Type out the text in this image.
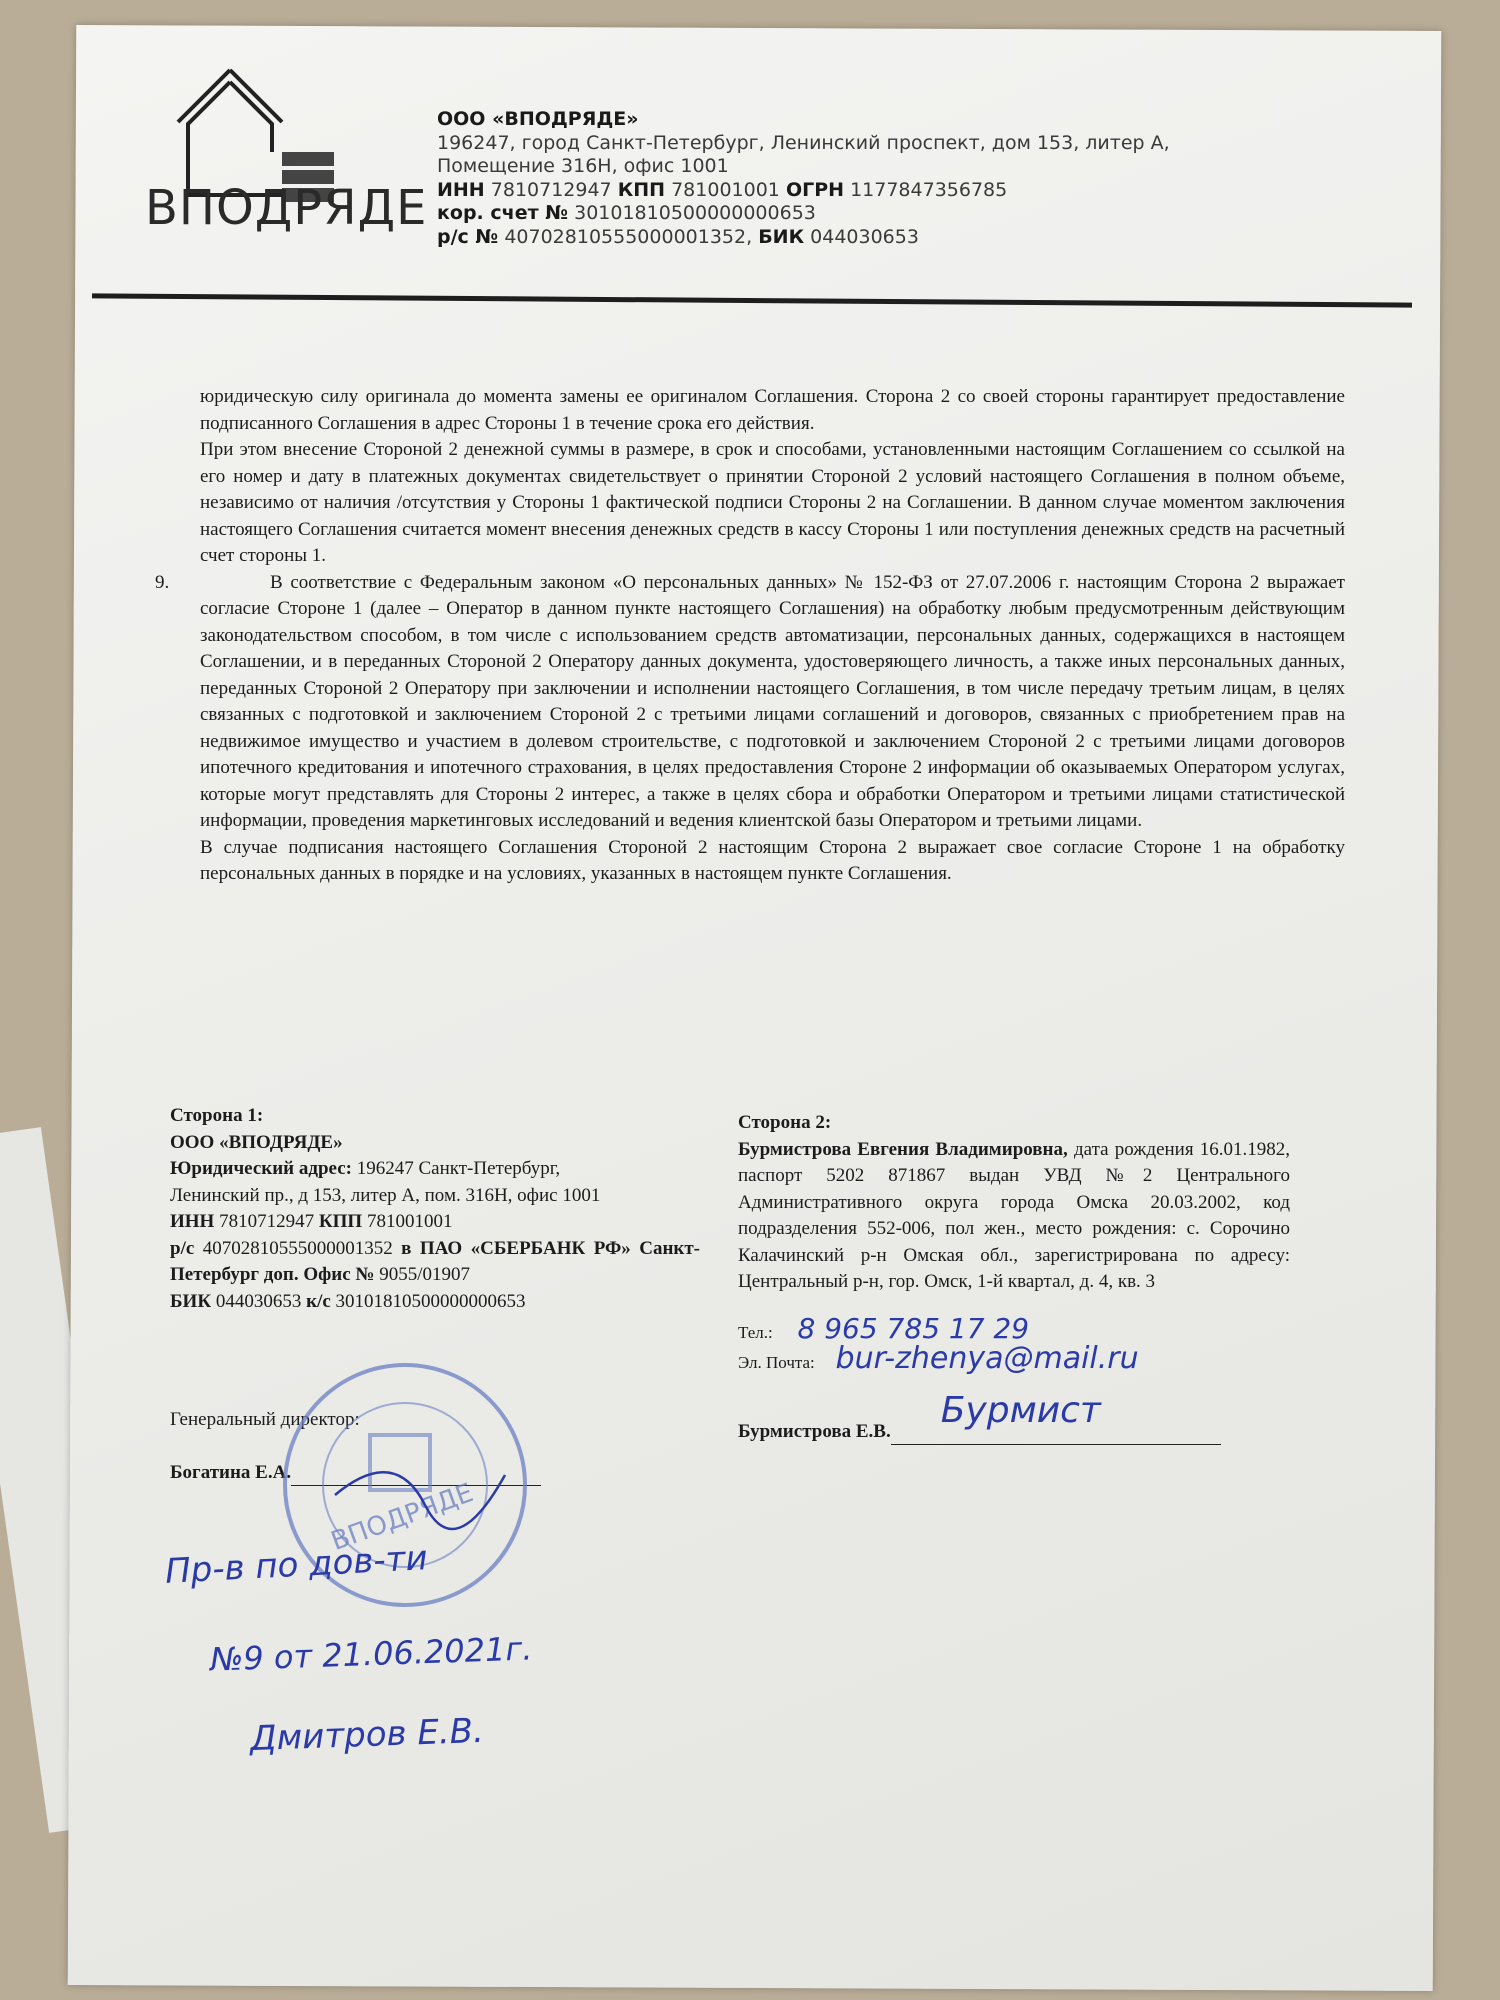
ВПОДРЯДЕ
ООО «ВПОДРЯДЕ»
196247, город Санкт-Петербург, Ленинский проспект, дом 153, литер А,
Помещение 316Н, офис 1001
ИНН 7810712947 КПП 781001001 ОГРН 1177847356785
кор. счет № 30101810500000000653
р/с № 40702810555000001352, БИК 044030653

юридическую силу оригинала до момента замены ее оригиналом Соглашения. Сторона 2 со своей стороны гарантирует предоставление подписанного Соглашения в адрес Стороны 1 в течение срока его действия.

При этом внесение Стороной 2 денежной суммы в размере, в срок и способами, установленными настоящим Соглашением со ссылкой на его номер и дату в платежных документах свидетельствует о принятии Стороной 2 условий настоящего Соглашения в полном объеме, независимо от наличия /отсутствия у Стороны 1 фактической подписи Стороны 2 на Соглашении. В данном случае моментом заключения настоящего Соглашения считается момент внесения денежных средств в кассу Стороны 1 или поступления денежных средств на расчетный счет стороны 1.

9.	В соответствие с Федеральным законом «О персональных данных» № 152-ФЗ от 27.07.2006 г. настоящим Сторона 2 выражает согласие Стороне 1 (далее – Оператор в данном пункте настоящего Соглашения) на обработку любым предусмотренным действующим законодательством способом, в том числе с использованием средств автоматизации, персональных данных, содержащихся в настоящем Соглашении, и в переданных Стороной 2 Оператору данных документа, удостоверяющего личность, а также иных персональных данных, переданных Стороной 2 Оператору при заключении и исполнении настоящего Соглашения, в том числе передачу третьим лицам, в целях связанных с подготовкой и заключением Стороной 2 с третьими лицами соглашений и договоров, связанных с приобретением прав на недвижимое имущество и участием в долевом строительстве, с подготовкой и заключением Стороной 2 с третьими лицами договоров ипотечного кредитования и ипотечного страхования, в целях предоставления Стороне 2 информации об оказываемых Оператором услугах, которые могут представлять для Стороны 2 интерес, а также в целях сбора и обработки Оператором и третьими лицами статистической информации, проведения маркетинговых исследований и ведения клиентской базы Оператором и третьими лицами.

В случае подписания настоящего Соглашения Стороной 2 настоящим Сторона 2 выражает свое согласие Стороне 1 на обработку персональных данных в порядке и на условиях, указанных в настоящем пункте Соглашения.

Сторона 1:
ООО «ВПОДРЯДЕ»
Юридический адрес: 196247 Санкт-Петербург,
Ленинский пр., д 153, литер А, пом. 316Н, офис 1001
ИНН 7810712947 КПП 781001001
р/с 40702810555000001352 в ПАО «СБЕРБАНК РФ» Санкт-Петербург доп. Офис № 9055/01907
БИК 044030653 к/с 30101810500000000653
Генеральный директор:
Богатина Е.А.
ВПОДРЯДЕ
Пр-в по дов-ти
№9 от 21.06.2021г.
Дмитров Е.В.
Сторона 2:
Бурмистрова Евгения Владимировна, дата рождения 16.01.1982, паспорт 5202 871867 выдан УВД №2 Центрального Административного округа города Омска 20.03.2002, код подразделения 552-006, пол жен., место рождения: с. Сорочино Калачинский р-н Омская обл., зарегистрирована по адресу: Центральный р-н, гор. Омск, 1-й квартал, д. 4, кв. 3
Тел.: 8 965 785 17 29
Эл. Почта: bur-zhenya@mail.ru
Бурмистрова Е.В. Бурмист
